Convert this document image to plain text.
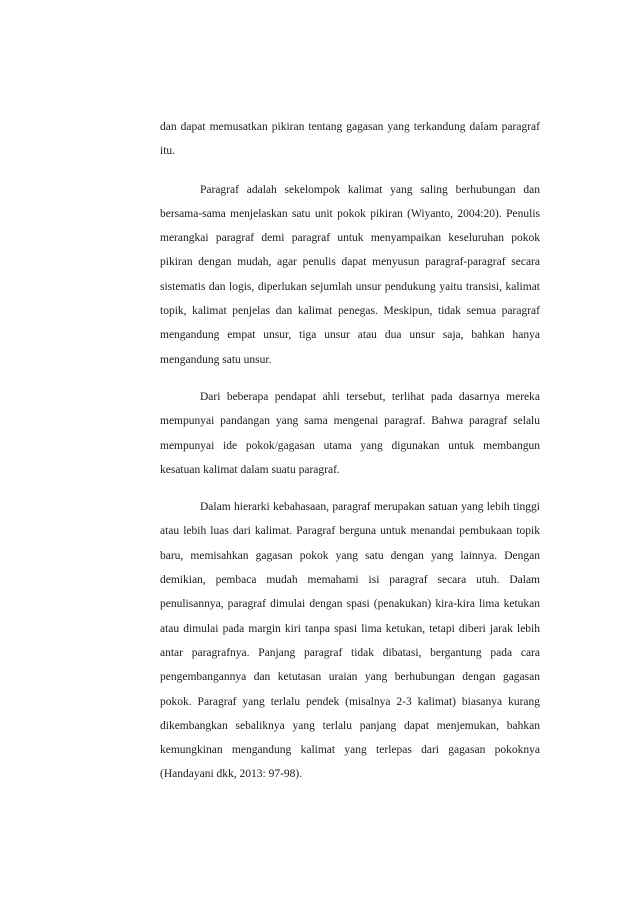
dan dapat memusatkan pikiran tentang gagasan yang terkandung dalam paragraf itu.

Paragraf adalah sekelompok kalimat yang saling berhubungan dan bersama-sama menjelaskan satu unit pokok pikiran (Wiyanto, 2004:20). Penulis merangkai paragraf demi paragraf untuk menyampaikan keseluruhan pokok pikiran dengan mudah, agar penulis dapat menyusun paragraf-paragraf secara sistematis dan logis, diperlukan sejumlah unsur pendukung yaitu transisi, kalimat topik, kalimat penjelas dan kalimat penegas. Meskipun, tidak semua paragraf mengandung empat unsur, tiga unsur atau dua unsur saja, bahkan hanya mengandung satu unsur.

Dari beberapa pendapat ahli tersebut, terlihat pada dasarnya mereka mempunyai pandangan yang sama mengenai paragraf. Bahwa paragraf selalu mempunyai ide pokok/gagasan utama yang digunakan untuk membangun kesatuan kalimat dalam suatu paragraf.

Dalam hierarki kebahasaan, paragraf merupakan satuan yang lebih tinggi atau lebih luas dari kalimat. Paragraf berguna untuk menandai pembukaan topik baru, memisahkan gagasan pokok yang satu dengan yang lainnya. Dengan demikian, pembaca mudah memahami isi paragraf secara utuh. Dalam penulisannya, paragraf dimulai dengan spasi (penakukan) kira-kira lima ketukan atau dimulai pada margin kiri tanpa spasi lima ketukan, tetapi diberi jarak lebih antar paragrafnya. Panjang paragraf tidak dibatasi, bergantung pada cara pengembangannya dan ketutasan uraian yang berhubungan dengan gagasan pokok. Paragraf yang terlalu pendek (misalnya 2-3 kalimat) biasanya kurang dikembangkan sebaliknya yang terlalu panjang dapat menjemukan, bahkan kemungkinan mengandung kalimat yang terlepas dari gagasan pokoknya (Handayani dkk, 2013: 97-98).
